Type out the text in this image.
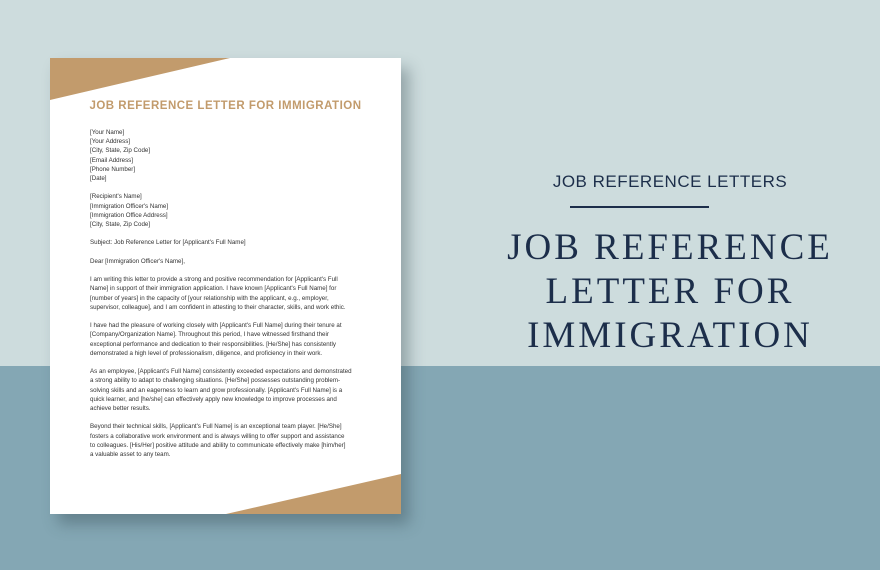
JOB REFERENCE LETTER FOR IMMIGRATION
[Your Name]
[Your Address]
[City, State, Zip Code]
[Email Address]
[Phone Number]
[Date]
[Recipient's Name]
[Immigration Officer's Name]
[Immigration Office Address]
[City, State, Zip Code]
Subject: Job Reference Letter for [Applicant's Full Name]
Dear [Immigration Officer's Name],
I am writing this letter to provide a strong and positive recommendation for [Applicant's Full
Name] in support of their immigration application. I have known [Applicant's Full Name] for
[number of years] in the capacity of [your relationship with the applicant, e.g., employer,
supervisor, colleague], and I am confident in attesting to their character, skills, and work ethic.
I have had the pleasure of working closely with [Applicant's Full Name] during their tenure at
[Company/Organization Name]. Throughout this period, I have witnessed firsthand their
exceptional performance and dedication to their responsibilities. [He/She] has consistently
demonstrated a high level of professionalism, diligence, and proficiency in their work.
As an employee, [Applicant's Full Name] consistently exceeded expectations and demonstrated
a strong ability to adapt to challenging situations. [He/She] possesses outstanding problem-
solving skills and an eagerness to learn and grow professionally. [Applicant's Full Name] is a
quick learner, and [he/she] can effectively apply new knowledge to improve processes and
achieve better results.
Beyond their technical skills, [Applicant's Full Name] is an exceptional team player. [He/She]
fosters a collaborative work environment and is always willing to offer support and assistance
to colleagues. [His/Her] positive attitude and ability to communicate effectively make [him/her]
a valuable asset to any team.
JOB REFERENCE LETTERS
JOB REFERENCE
LETTER FOR
IMMIGRATION
